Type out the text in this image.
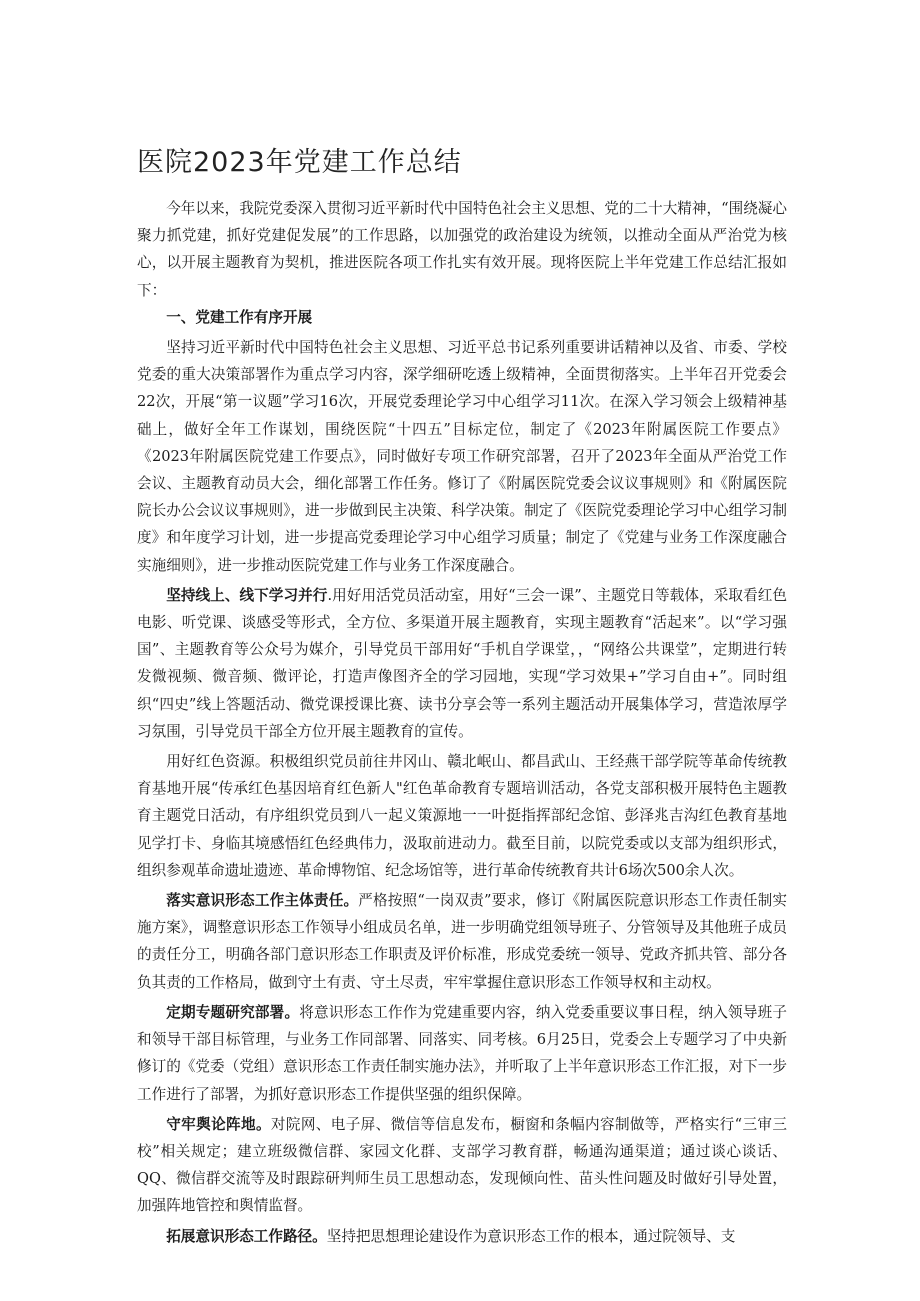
医院2023年党建工作总结

今年以来，我院党委深入贯彻习近平新时代中国特色社会主义思想、党的二十大精神，“围绕凝心聚力抓党建，抓好党建促发展”的工作思路，以加强党的政治建设为统领，以推动全面从严治党为核心，以开展主题教育为契机，推进医院各项工作扎实有效开展。现将医院上半年党建工作总结汇报如下：

一、党建工作有序开展

坚持习近平新时代中国特色社会主义思想、习近平总书记系列重要讲话精神以及省、市委、学校党委的重大决策部署作为重点学习内容，深学细研吃透上级精神，全面贯彻落实。上半年召开党委会22次，开展“第一议题”学习16次，开展党委理论学习中心组学习11次。在深入学习领会上级精神基础上，做好全年工作谋划，围绕医院“十四五”目标定位，制定了《2023年附属医院工作要点》《2023年附属医院党建工作要点》，同时做好专项工作研究部署，召开了2023年全面从严治党工作会议、主题教育动员大会，细化部署工作任务。修订了《附属医院党委会议议事规则》和《附属医院院长办公会议议事规则》，进一步做到民主决策、科学决策。制定了《医院党委理论学习中心组学习制度》和年度学习计划，进一步提高党委理论学习中心组学习质量；制定了《党建与业务工作深度融合实施细则》，进一步推动医院党建工作与业务工作深度融合。

坚持线上、线下学习并行.用好用活党员活动室，用好“三会一课”、主题党日等载体，采取看红色电影、听党课、谈感受等形式，全方位、多渠道开展主题教育，实现主题教育“活起来”。以“学习强国”、主题教育等公众号为媒介，引导党员干部用好“手机自学课堂，，“网络公共课堂”，定期进行转发微视频、微音频、微评论，打造声像图齐全的学习园地，实现“学习效果+”学习自由+”。同时组织“四史”线上答题活动、微党课授课比赛、读书分享会等一系列主题活动开展集体学习，营造浓厚学习氛围，引导党员干部全方位开展主题教育的宣传。

用好红色资源。积极组织党员前往井冈山、赣北岷山、都昌武山、王经燕干部学院等革命传统教育基地开展“传承红色基因培育红色新人"红色革命教育专题培训活动，各党支部积极开展特色主题教育主题党日活动，有序组织党员到八一起义策源地一一叶挺指挥部纪念馆、彭泽兆吉沟红色教育基地见学打卡、身临其境感悟红色经典伟力，汲取前进动力。截至目前，以院党委或以支部为组织形式，组织参观革命遗址遗迹、革命博物馆、纪念场馆等，进行革命传统教育共计6场次500余人次。

落实意识形态工作主体责任。严格按照“一岗双责”要求，修订《附属医院意识形态工作责任制实施方案》，调整意识形态工作领导小组成员名单，进一步明确党组领导班子、分管领导及其他班子成员的责任分工，明确各部门意识形态工作职责及评价标准，形成党委统一领导、党政齐抓共管、部分各负其责的工作格局，做到守土有责、守土尽责，牢牢掌握住意识形态工作领导权和主动权。

定期专题研究部署。将意识形态工作作为党建重要内容，纳入党委重要议事日程，纳入领导班子和领导干部目标管理，与业务工作同部署、同落实、同考核。6月25日，党委会上专题学习了中央新修订的《党委（党组）意识形态工作责任制实施办法》，并听取了上半年意识形态工作汇报，对下一步工作进行了部署，为抓好意识形态工作提供坚强的组织保障。

守牢舆论阵地。对院网、电子屏、微信等信息发布，橱窗和条幅内容制做等，严格实行“三审三校”相关规定；建立班级微信群、家园文化群、支部学习教育群，畅通沟通渠道；通过谈心谈话、QQ、微信群交流等及时跟踪研判师生员工思想动态，发现倾向性、苗头性问题及时做好引导处置，加强阵地管控和舆情监督。

拓展意识形态工作路径。坚持把思想理论建设作为意识形态工作的根本，通过院领导、支
